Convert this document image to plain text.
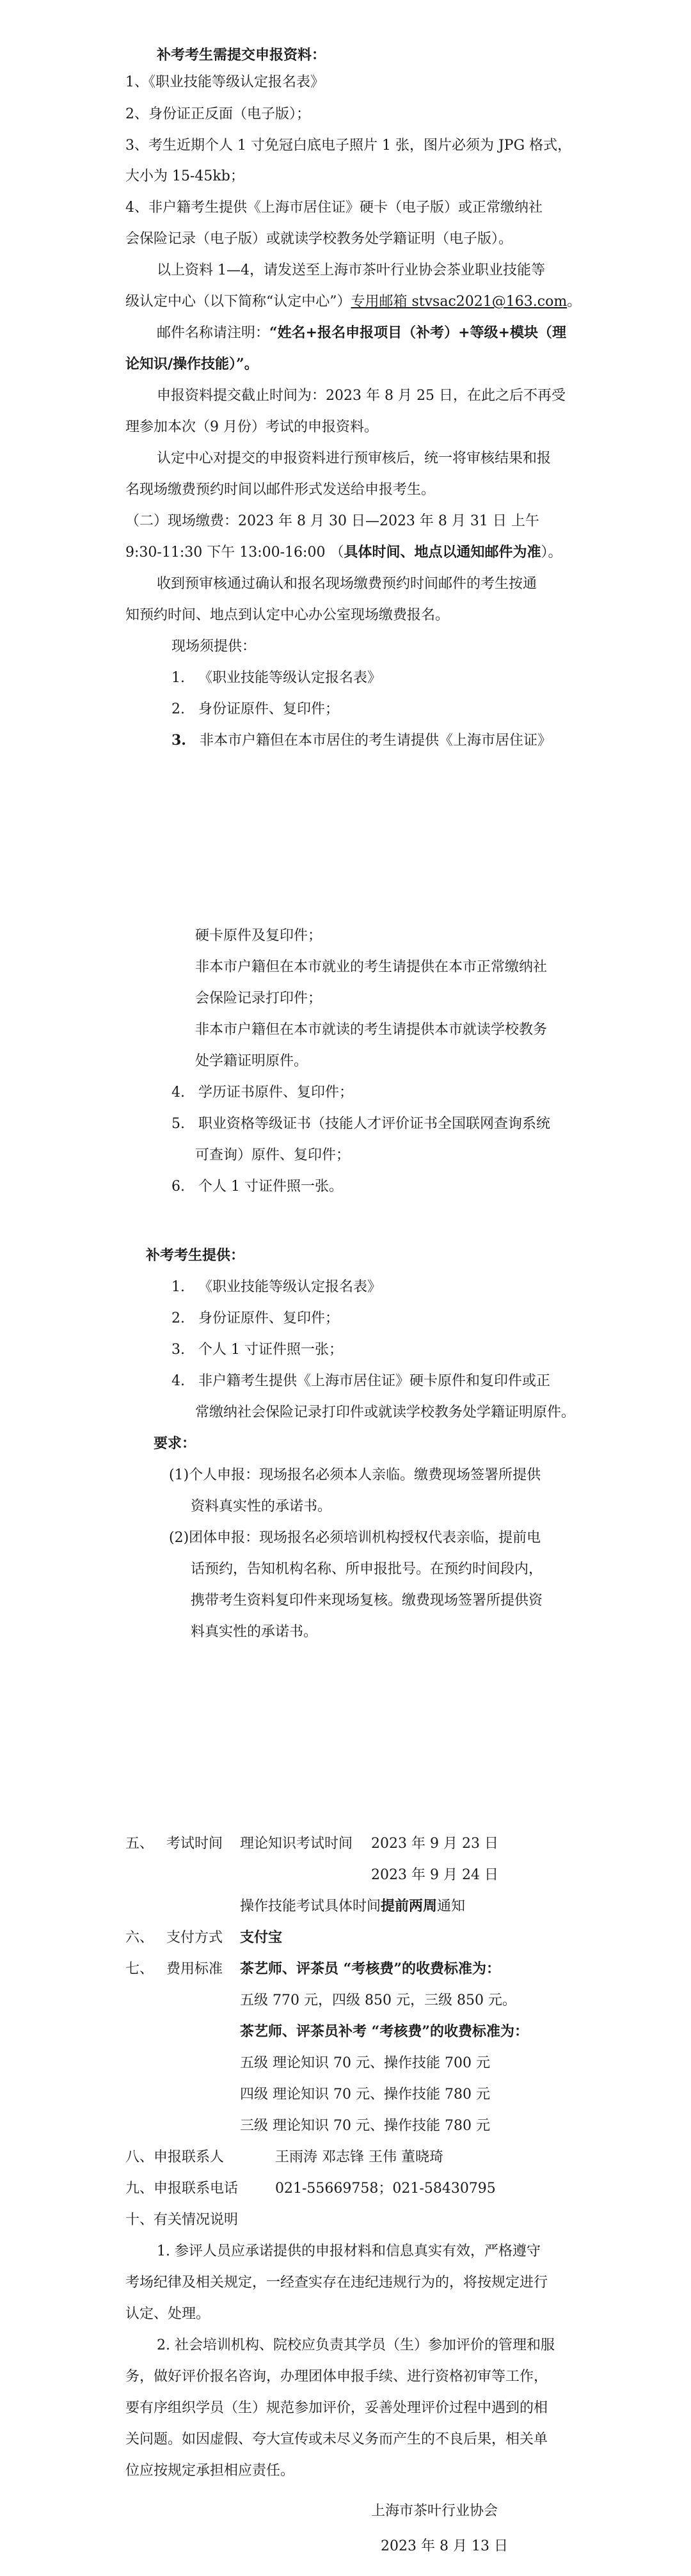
补考考生需提交申报资料：
1、《职业技能等级认定报名表》
2、身份证正反面（电子版）；
3、考生近期个人 1 寸免冠白底电子照片 1 张，图片必须为 JPG 格式，
大小为 15-45kb；
4、非户籍考生提供《上海市居住证》硬卡（电子版）或正常缴纳社
会保险记录（电子版）或就读学校教务处学籍证明（电子版）。
以上资料 1—4，请发送至上海市茶叶行业协会茶业职业技能等
级认定中心（以下简称“认定中心”）专用邮箱 stvsac2021@163.com。
邮件名称请注明：“姓名+报名申报项目（补考）+等级+模块（理
论知识/操作技能）”。
申报资料提交截止时间为：2023 年 8 月 25 日，在此之后不再受
理参加本次（9 月份）考试的申报资料。
认定中心对提交的申报资料进行预审核后，统一将审核结果和报
名现场缴费预约时间以邮件形式发送给申报考生。
（二）现场缴费：2023 年 8 月 30 日—2023 年 8 月 31 日 上午
9:30-11:30 下午 13:00-16:00 （具体时间、地点以通知邮件为准）。
收到预审核通过确认和报名现场缴费预约时间邮件的考生按通
知预约时间、地点到认定中心办公室现场缴费报名。
现场须提供：
1. 《职业技能等级认定报名表》
2. 身份证原件、复印件；
3. 非本市户籍但在本市居住的考生请提供《上海市居住证》
硬卡原件及复印件；
非本市户籍但在本市就业的考生请提供在本市正常缴纳社
会保险记录打印件；
非本市户籍但在本市就读的考生请提供本市就读学校教务
处学籍证明原件。
4. 学历证书原件、复印件；
5. 职业资格等级证书（技能人才评价证书全国联网查询系统
可查询）原件、复印件；
6. 个人 1 寸证件照一张。
补考考生提供：
1. 《职业技能等级认定报名表》
2. 身份证原件、复印件；
3. 个人 1 寸证件照一张；
4. 非户籍考生提供《上海市居住证》硬卡原件和复印件或正
常缴纳社会保险记录打印件或就读学校教务处学籍证明原件。
要求：
(1)个人申报：现场报名必须本人亲临。缴费现场签署所提供
资料真实性的承诺书。
(2)团体申报：现场报名必须培训机构授权代表亲临，提前电
话预约，告知机构名称、所申报批号。在预约时间段内，
携带考生资料复印件来现场复核。缴费现场签署所提供资
料真实性的承诺书。
五、 考试时间 理论知识考试时间 2023 年 9 月 23 日
2023 年 9 月 24 日
操作技能考试具体时间提前两周通知
六、 支付方式 支付宝
七、 费用标准 茶艺师、评茶员 “考核费”的收费标准为：
五级 770 元，四级 850 元，三级 850 元。
茶艺师、评茶员补考 “考核费”的收费标准为：
五级 理论知识 70 元、操作技能 700 元
四级 理论知识 70 元、操作技能 780 元
三级 理论知识 70 元、操作技能 780 元
八、申报联系人	王雨涛 邓志锋 王伟 董晓琦
九、申报联系电话	021-55669758；021-58430795
十、有关情况说明
1. 参评人员应承诺提供的申报材料和信息真实有效，严格遵守
考场纪律及相关规定，一经查实存在违纪违规行为的，将按规定进行
认定、处理。
2. 社会培训机构、院校应负责其学员（生）参加评价的管理和服
务，做好评价报名咨询，办理团体申报手续、进行资格初审等工作，
要有序组织学员（生）规范参加评价，妥善处理评价过程中遇到的相
关问题。如因虚假、夸大宣传或未尽义务而产生的不良后果，相关单
位应按规定承担相应责任。
上海市茶叶行业协会
2023 年 8 月 13 日
